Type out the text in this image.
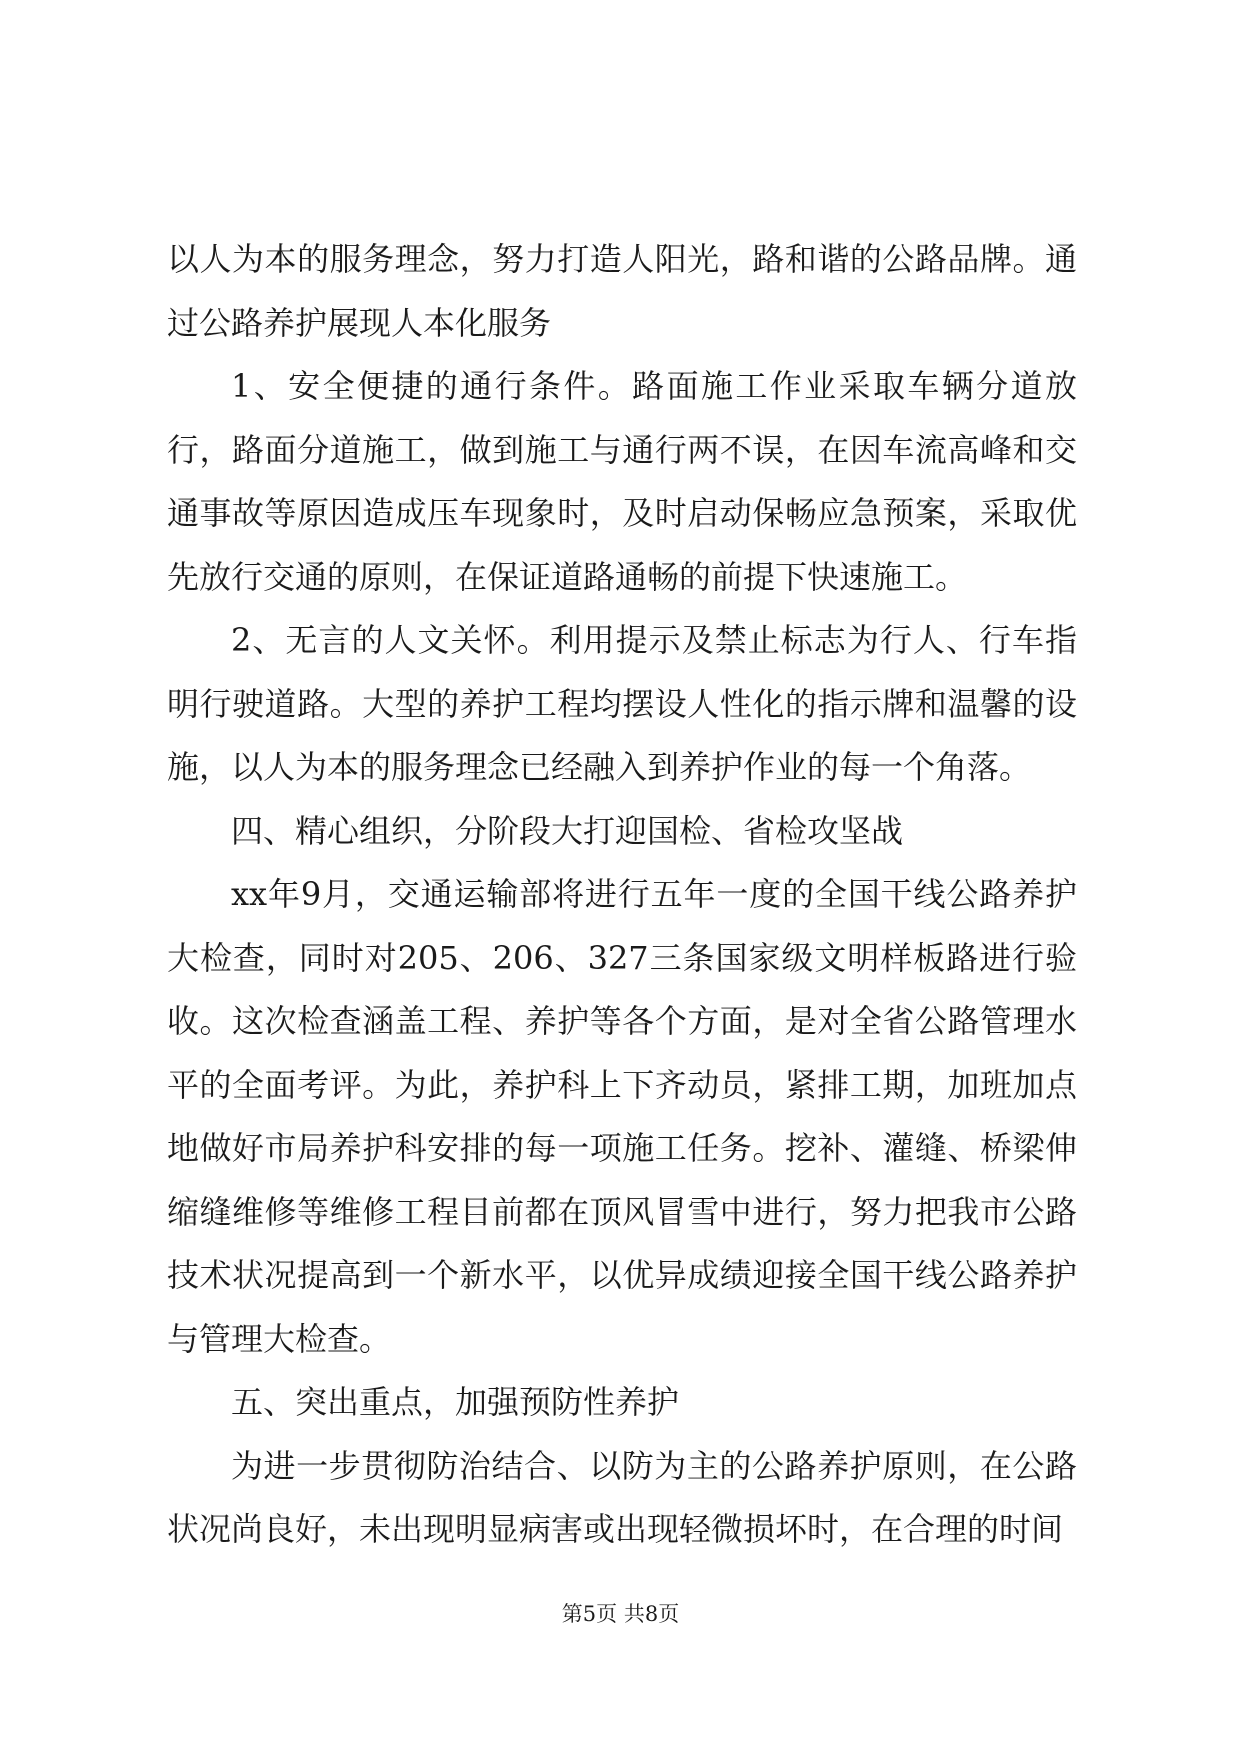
以人为本的服务理念，努力打造人阳光，路和谐的公路品牌。通过公路养护展现人本化服务

1、安全便捷的通行条件。路面施工作业采取车辆分道放行，路面分道施工，做到施工与通行两不误，在因车流高峰和交通事故等原因造成压车现象时，及时启动保畅应急预案，采取优先放行交通的原则，在保证道路通畅的前提下快速施工。

2、无言的人文关怀。利用提示及禁止标志为行人、行车指明行驶道路。大型的养护工程均摆设人性化的指示牌和温馨的设施，以人为本的服务理念已经融入到养护作业的每一个角落。

四、精心组织，分阶段大打迎国检、省检攻坚战

xx年9月，交通运输部将进行五年一度的全国干线公路养护大检查，同时对205、206、327三条国家级文明样板路进行验收。这次检查涵盖工程、养护等各个方面，是对全省公路管理水平的全面考评。为此，养护科上下齐动员，紧排工期，加班加点地做好市局养护科安排的每一项施工任务。挖补、灌缝、桥梁伸缩缝维修等维修工程目前都在顶风冒雪中进行，努力把我市公路技术状况提高到一个新水平，以优异成绩迎接全国干线公路养护与管理大检查。

五、突出重点，加强预防性养护

为进一步贯彻防治结合、以防为主的公路养护原则，在公路状况尚良好，未出现明显病害或出现轻微损坏时，在合理的时间

第5页 共8页
